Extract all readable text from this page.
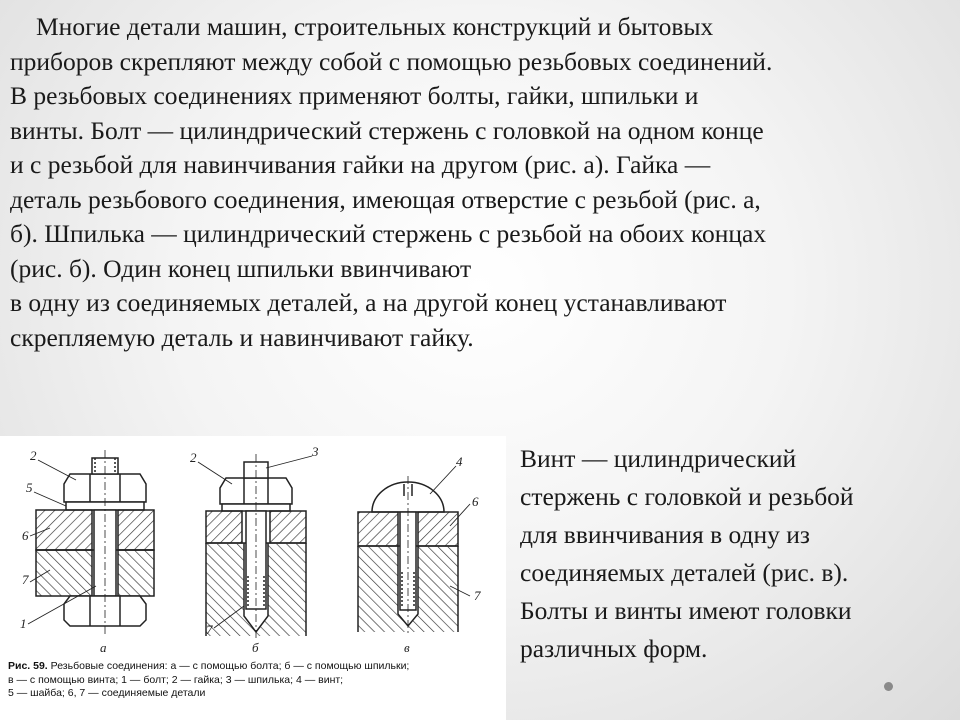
Многие детали машин, строительных конструкций и бытовых

приборов скрепляют между собой с помощью резьбовых соединений.

В резьбовых соединениях применяют болты, гайки, шпильки и

винты. Болт — цилиндрический стержень с головкой на одном конце

и с резьбой для навинчивания гайки на другом (рис. а). Гайка —

деталь резьбового соединения, имеющая отверстие с резьбой (рис. а,

б). Шпилька — цилиндрический стержень с резьбой на обоих концах

(рис. б). Один конец шпильки ввинчивают

в одну из соединяемых деталей, а на другой конец устанавливают

скрепляемую деталь и навинчивают гайку.

2
5
6
7
1
а
2	3
7
б
4
6
7
в
Рис. 59. Резьбовые соединения: а — с помощью болта; б — с помощью шпильки;
в — с помощью винта; 1 — болт; 2 — гайка; 3 — шпилька; 4 — винт;
5 — шайба; 6, 7 — соединяемые детали

Винт — цилиндрический

стержень с головкой и резьбой

для ввинчивания в одну из

соединяемых деталей (рис. в).

Болты и винты имеют головки

различных форм.
